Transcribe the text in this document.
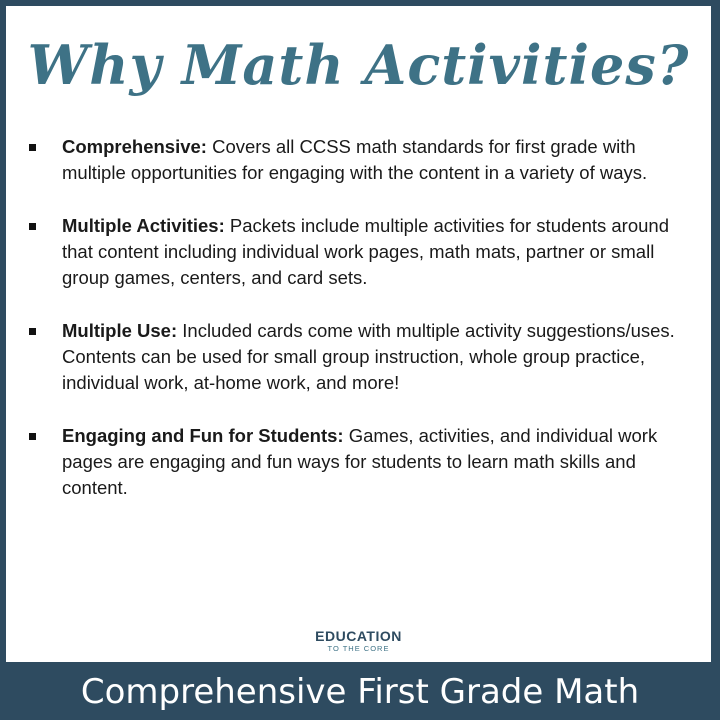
Why Math Activities?
Comprehensive: Covers all CCSS math standards for first grade with multiple opportunities for engaging with the content in a variety of ways.
Multiple Activities: Packets include multiple activities for students around that content including individual work pages, math mats, partner or small group games, centers, and card sets.
Multiple Use: Included cards come with multiple activity suggestions/uses. Contents can be used for small group instruction, whole group practice, individual work, at-home work, and more!
Engaging and Fun for Students: Games, activities, and individual work pages are engaging and fun ways for students to learn math skills and content.
EDUCATION
TO THE CORE
Comprehensive First Grade Math
